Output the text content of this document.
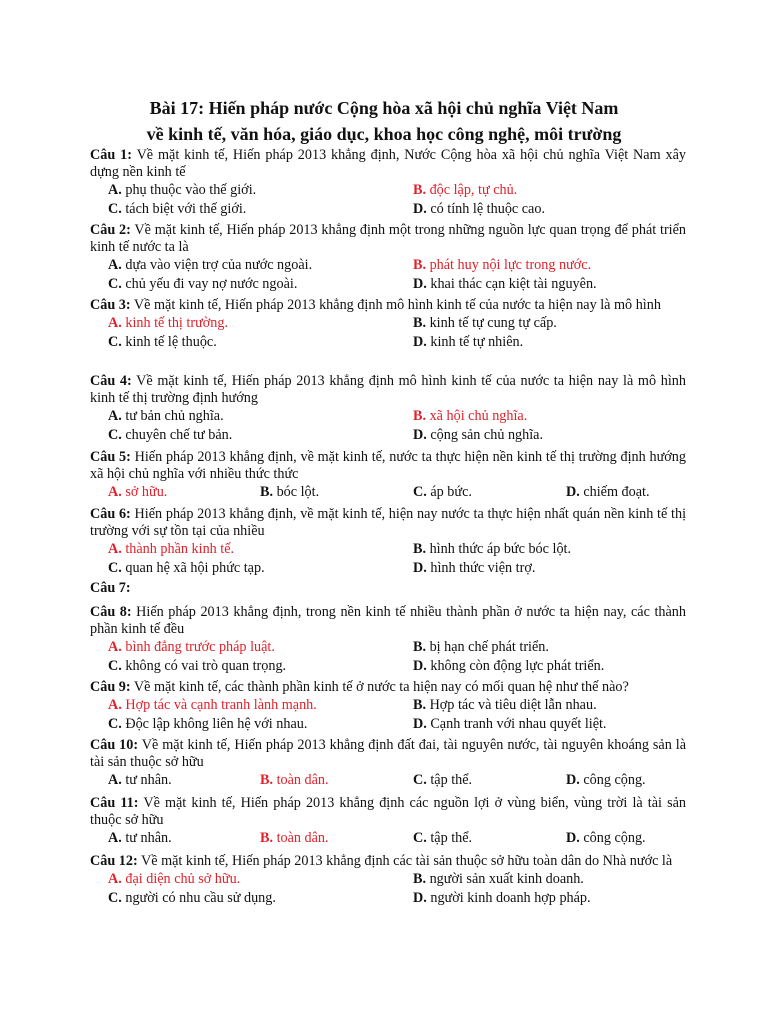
Bài 17: Hiến pháp nước Cộng hòa xã hội chủ nghĩa Việt Nam
về kinh tế, văn hóa, giáo dục, khoa học công nghệ, môi trường
Câu 1: Về mặt kinh tế, Hiến pháp 2013 khẳng định, Nước Cộng hòa xã hội chủ nghĩa Việt Nam xây dựng nền kinh tế
A. phụ thuộc vào thế giới.	B. độc lập, tự chủ.
C. tách biệt với thế giới.	D. có tính lệ thuộc cao.
Câu 2: Về mặt kinh tế, Hiến pháp 2013 khẳng định một trong những nguồn lực quan trọng để phát triển kinh tế nước ta là
A. dựa vào viện trợ của nước ngoài.	B. phát huy nội lực trong nước.
C. chủ yếu đi vay nợ nước ngoài.	D. khai thác cạn kiệt tài nguyên.
Câu 3: Về mặt kinh tế, Hiến pháp 2013 khẳng định mô hình kinh tế của nước ta hiện nay là mô hình
A. kinh tế thị trường.	B. kinh tế tự cung tự cấp.
C. kinh tế lệ thuộc.	D. kinh tế tự nhiên.
Câu 4: Về mặt kinh tế, Hiến pháp 2013 khẳng định mô hình kinh tế của nước ta hiện nay là mô hình kinh tế thị trường định hướng
A. tư bản chủ nghĩa.	B. xã hội chủ nghĩa.
C. chuyên chế tư bản.	D. cộng sản chủ nghĩa.
Câu 5: Hiến pháp 2013 khẳng định, về mặt kinh tế, nước ta thực hiện nền kinh tế thị trường định hướng xã hội chủ nghĩa với nhiều thức thức
A. sở hữu.	B. bóc lột.	C. áp bức.	D. chiếm đoạt.
Câu 6: Hiến pháp 2013 khẳng định, về mặt kinh tế, hiện nay nước ta thực hiện nhất quán nền kinh tế thị trường với sự tồn tại của nhiều
A. thành phần kinh tế.	B. hình thức áp bức bóc lột.
C. quan hệ xã hội phức tạp.	D. hình thức viện trợ.
Câu 7:
Câu 8: Hiến pháp 2013 khẳng định, trong nền kinh tế nhiều thành phần ở nước ta hiện nay, các thành phần kinh tế đều
A. bình đẳng trước pháp luật.	B. bị hạn chế phát triển.
C. không có vai trò quan trọng.	D. không còn động lực phát triển.
Câu 9: Về mặt kinh tế, các thành phần kinh tế ở nước ta hiện nay có mối quan hệ như thế nào?
A. Hợp tác và cạnh tranh lành mạnh.	B. Hợp tác và tiêu diệt lẫn nhau.
C. Độc lập không liên hệ với nhau.	D. Cạnh tranh với nhau quyết liệt.
Câu 10: Về mặt kinh tế, Hiến pháp 2013 khẳng định đất đai, tài nguyên nước, tài nguyên khoáng sản là tài sản thuộc sở hữu
A. tư nhân.	B. toàn dân.	C. tập thể.	D. công cộng.
Câu 11: Về mặt kinh tế, Hiến pháp 2013 khẳng định các nguồn lợi ở vùng biển, vùng trời là tài sản thuộc sở hữu
A. tư nhân.	B. toàn dân.	C. tập thể.	D. công cộng.
Câu 12: Về mặt kinh tế, Hiến pháp 2013 khẳng định các tài sản thuộc sở hữu toàn dân do Nhà nước là
A. đại diện chủ sở hữu.	B. người sản xuất kinh doanh.
C. người có nhu cầu sử dụng.	D. người kinh doanh hợp pháp.
